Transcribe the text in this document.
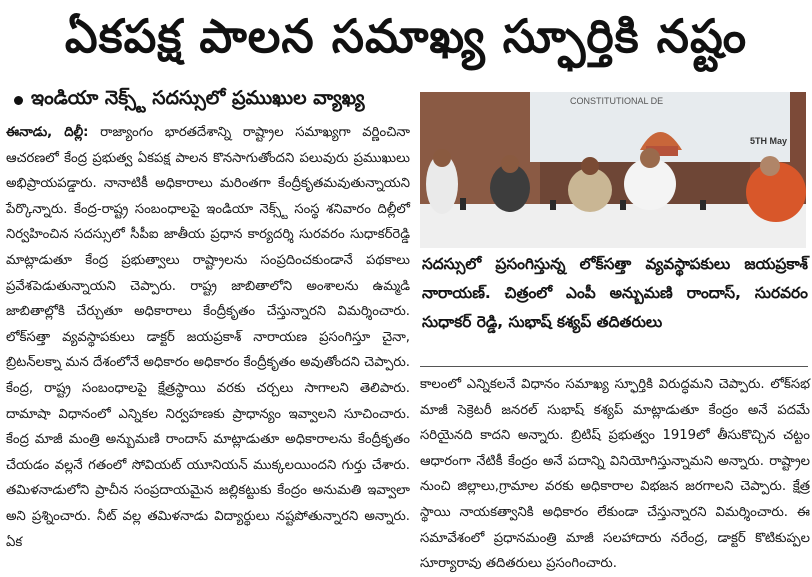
ఏకపక్ష పాలన సమాఖ్య స్ఫూర్తికి నష్టం
ఇండియా నెక్స్ట్ సదస్సులో ప్రముఖుల వ్యాఖ్య

ఈనాడు, దిల్లీ: రాజ్యాంగం భారతదేశాన్ని రాష్ట్రాల సమాఖ్యగా వర్ణించినా ఆచరణలో కేంద్ర ప్రభుత్వ ఏకపక్ష పాలన కొనసాగుతోందని పలువురు ప్రముఖులు అభిప్రాయపడ్డారు. నానాటికీ అధికారాలు మరింతగా కేంద్రీకృతమవుతున్నాయని పేర్కొన్నారు. కేంద్ర-రాష్ట్ర సంబంధాలపై ఇండియా నెక్స్ట్ సంస్థ శనివారం దిల్లీలో నిర్వహించిన సదస్సులో సీపీఐ జాతీయ ప్రధాన కార్యదర్శి సురవరం సుధాకర్‌రెడ్డి మాట్లాడుతూ కేంద్ర ప్రభుత్వాలు రాష్ట్రాలను సంప్రదించకుండానే పథకాలు ప్రవేశపెడుతున్నాయని చెప్పారు. రాష్ట్ర జాబితాలోని అంశాలను ఉమ్మడి జాబితాల్లోకి చేర్చుతూ అధికారాలు కేంద్రీకృతం చేస్తున్నారని విమర్శించారు. లోక్‌సత్తా వ్యవస్థాపకులు డాక్టర్ జయప్రకాశ్ నారాయణ ప్రసంగిస్తూ చైనా, బ్రిటన్‌లక్నా మన దేశంలోనే అధికారం అధికారం కేంద్రీకృతం అవుతోందని చెప్పారు. కేంద్ర, రాష్ట్ర సంబంధాలపై క్షేత్రస్థాయి వరకు చర్చలు సాగాలని తెలిపారు. దామాషా విధానంలో ఎన్నికల నిర్వహణకు ప్రాధాన్యం ఇవ్వాలని సూచించారు. కేంద్ర మాజీ మంత్రి అన్బుమణి రాందాస్ మాట్లాడుతూ అధికారాలను కేంద్రీకృతం చేయడం వల్లనే గతంలో సోవియట్ యూనియన్ ముక్కలయిందని గుర్తు చేశారు. తమిళనాడులోని ప్రాచీన సంప్రదాయమైన జల్లికట్టుకు కేంద్రం అనుమతి ఇవ్వాలా అని ప్రశ్నించారు. నీట్ వల్ల తమిళనాడు విద్యార్థులు నష్టపోతున్నారని అన్నారు. ఏక

CONSTITUTIONAL DE
5TH May
సదస్సులో ప్రసంగిస్తున్న లోక్‌సత్తా వ్యవస్థాపకులు జయప్రకాశ్ నారాయణ్. చిత్రంలో ఎంపీ అన్బుమణి రాందాస్, సురవరం సుధాకర్ రెడ్డి, సుభాష్ కశ్యప్ తదితరులు

కాలంలో ఎన్నికలనే విధానం సమాఖ్య స్ఫూర్తికి విరుద్ధమని చెప్పారు. లోక్‌సభ మాజీ సెక్రెటరీ జనరల్ సుభాష్ కశ్యప్ మాట్లాడుతూ కేంద్రం అనే పదమే సరియైనది కాదని అన్నారు. బ్రిటిష్ ప్రభుత్వం 1919లో తీసుకొచ్చిన చట్టం ఆధారంగా నేటికీ కేంద్రం అనే పదాన్ని వినియోగిస్తున్నామని అన్నారు. రాష్ట్రాల నుంచి జిల్లాలు,గ్రామాల వరకు అధికారాల విభజన జరగాలని చెప్పారు. క్షేత్ర స్థాయి నాయకత్వానికి అధికారం లేకుండా చేస్తున్నారని విమర్శించారు. ఈ సమావేశంలో ప్రధానమంత్రి మాజీ సలహాదారు నరేంద్ర, డాక్టర్ కొటికుప్పల సూర్యారావు తదితరులు ప్రసంగించారు.
